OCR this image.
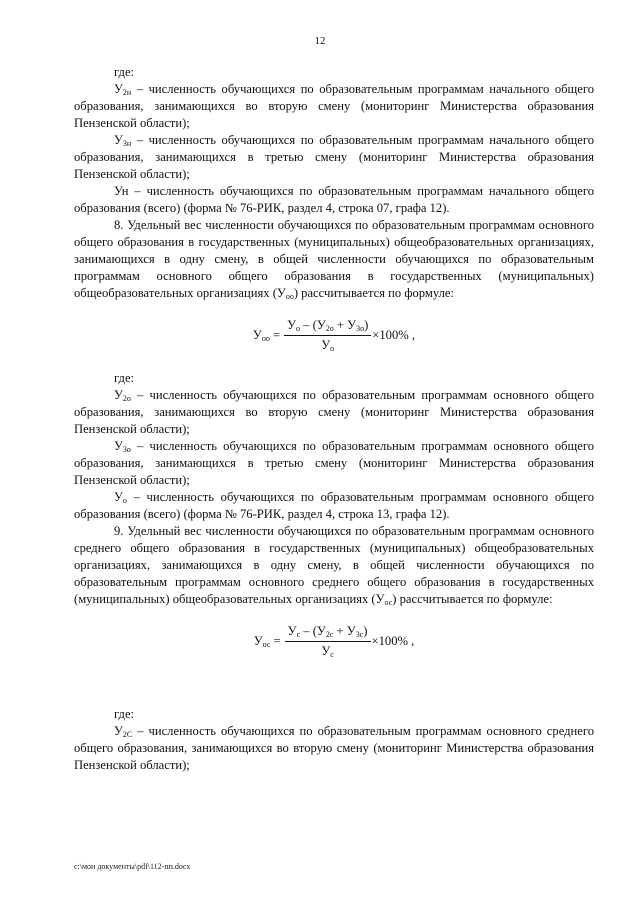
12

где:

$У_{2н}$ – численность обучающихся по образовательным программам начального общего образования, занимающихся во вторую смену (мониторинг Министерства образования Пензенской области);

$У_{3н}$ – численность обучающихся по образовательным программам начального общего образования, занимающихся в третью смену (мониторинг Министерства образования Пензенской области);

Ун – численность обучающихся по образовательным программам начального общего образования (всего) (форма № 76-РИК, раздел 4, строка 07, графа 12).

8. Удельный вес численности обучающихся по образовательным программам основного общего образования в государственных (муниципальных) общеобразовательных организациях, занимающихся в одну смену, в общей численности обучающихся по образовательным программам основного общего образования в государственных (муниципальных) общеобразовательных организациях $(У_{оо})$ рассчитывается по формуле:

$У_{оо} = \frac{У_о - (У_{2о} + У_{3о})}{У_о} \times 100\%$ ,

где:

$У_{2о}$ – численность обучающихся по образовательным программам основного общего образования, занимающихся во вторую смену (мониторинг Министерства образования Пензенской области);

$У_{3о}$ – численность обучающихся по образовательным программам основного общего образования, занимающихся в третью смену (мониторинг Министерства образования Пензенской области);

$У_о$ – численность обучающихся по образовательным программам основного общего образования (всего) (форма № 76-РИК, раздел 4, строка 13, графа 12).

9. Удельный вес численности обучающихся по образовательным программам основного среднего общего образования в государственных (муниципальных) общеобразовательных организациях, занимающихся в одну смену, в общей численности обучающихся по образовательным программам основного среднего общего образования в государственных (муниципальных) общеобразовательных организациях $(У_{ос})$ рассчитывается по формуле:

$У_{ос} = \frac{У_с - (У_{2с} + У_{3с})}{У_с} \times 100\%$ ,

где:

$У_{2С}$ – численность обучающихся по образовательным программам основного среднего общего образования, занимающихся во вторую смену (мониторинг Министерства образования Пензенской области);

c:\мои документы\pdf\112-пп.docx
